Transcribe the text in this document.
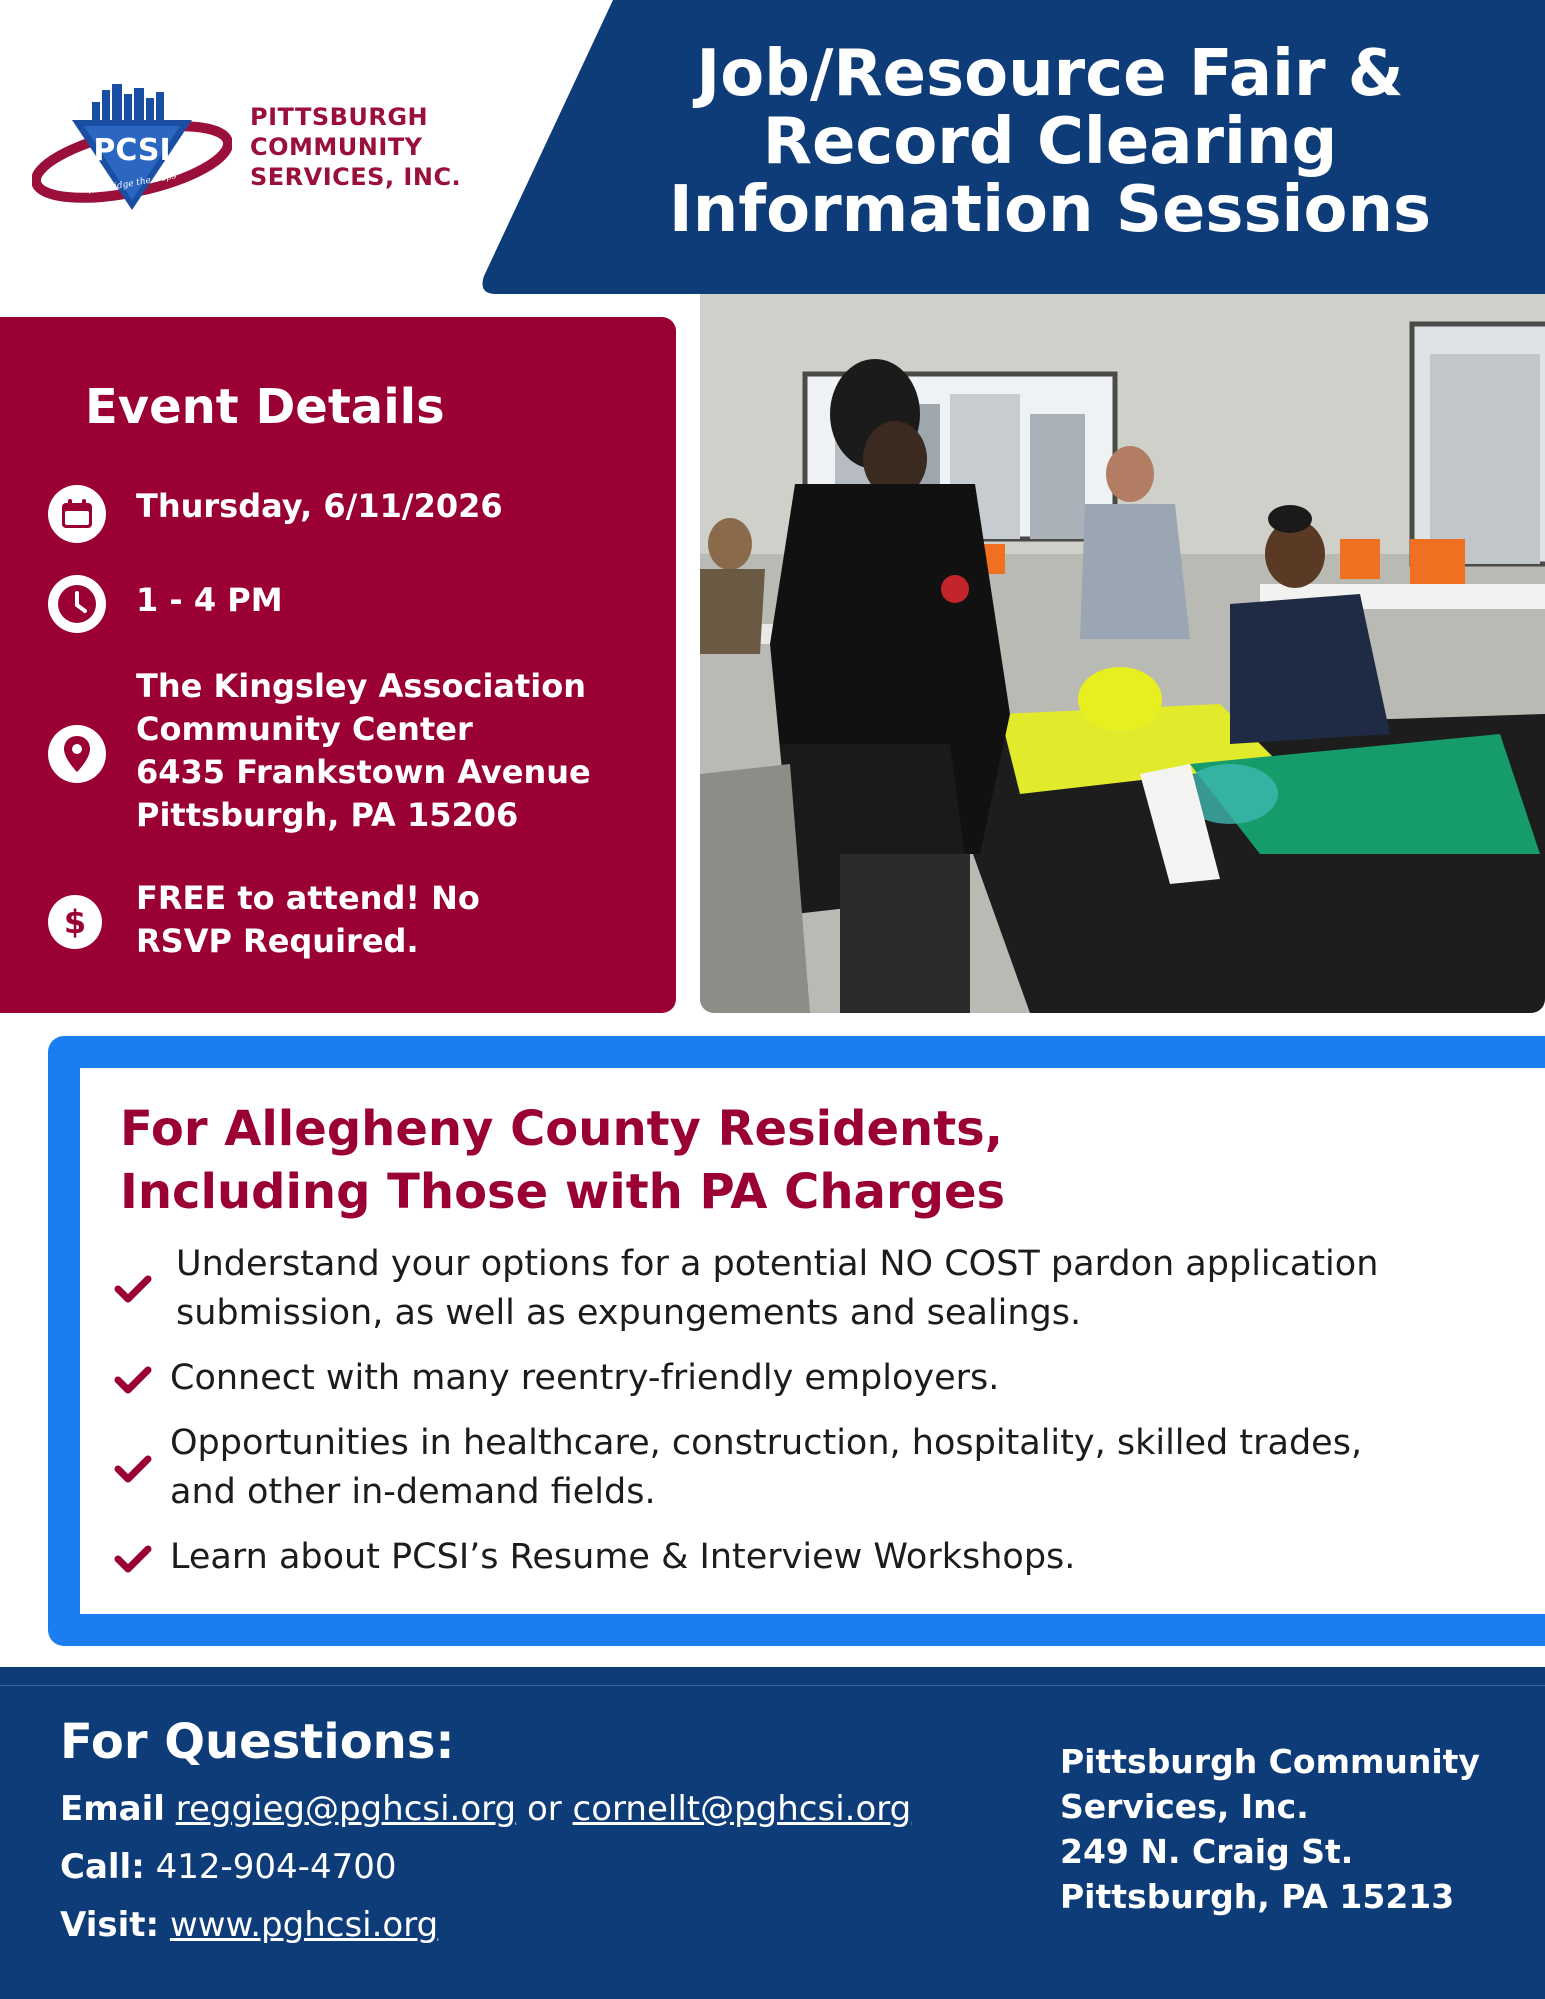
PCSI
We Bridge the Gaps
PITTSBURGH
COMMUNITY
SERVICES, INC.
Job/Resource Fair &
Record Clearing
Information Sessions
Event Details
Thursday, 6/11/2026
1 - 4 PM
The Kingsley Association
Community Center
6435 Frankstown Avenue
Pittsburgh, PA 15206
$
FREE to attend! No
RSVP Required.
For Allegheny County Residents,
Including Those with PA Charges
Understand your options for a potential NO COST pardon application
submission, as well as expungements and sealings.
Connect with many reentry-friendly employers.
Opportunities in healthcare, construction, hospitality, skilled trades,
and other in-demand fields.
Learn about PCSI’s Resume & Interview Workshops.
For Questions:
Email reggieg@pghcsi.org or cornellt@pghcsi.org
Call: 412-904-4700
Visit: www.pghcsi.org
Pittsburgh Community
Services, Inc.
249 N. Craig St.
Pittsburgh, PA 15213
